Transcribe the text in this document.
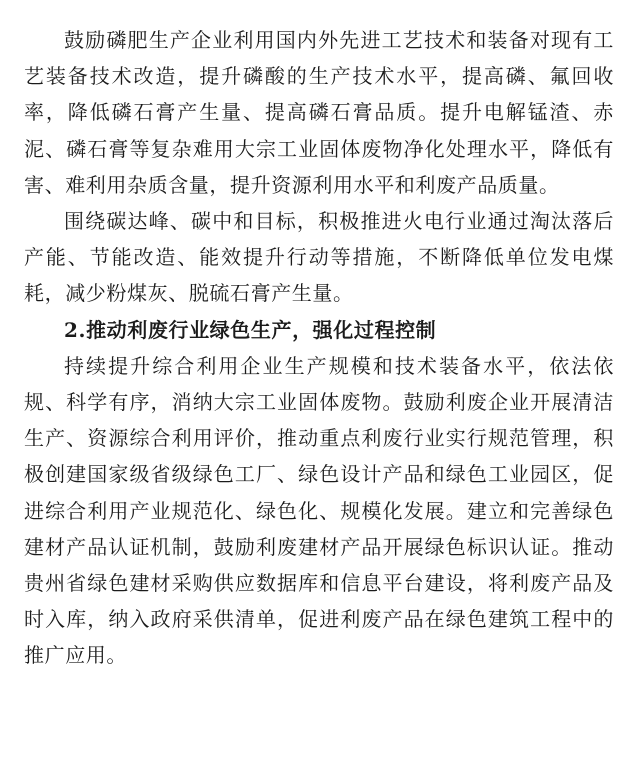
鼓励磷肥生产企业利用国内外先进工艺技术和装备对现有工艺装备技术改造，提升磷酸的生产技术水平，提高磷、氟回收率，降低磷石膏产生量、提高磷石膏品质。提升电解锰渣、赤泥、磷石膏等复杂难用大宗工业固体废物净化处理水平，降低有害、难利用杂质含量，提升资源利用水平和利废产品质量。

围绕碳达峰、碳中和目标，积极推进火电行业通过淘汰落后产能、节能改造、能效提升行动等措施，不断降低单位发电煤耗，减少粉煤灰、脱硫石膏产生量。

2.推动利废行业绿色生产，强化过程控制

持续提升综合利用企业生产规模和技术装备水平，依法依规、科学有序，消纳大宗工业固体废物。鼓励利废企业开展清洁生产、资源综合利用评价，推动重点利废行业实行规范管理，积极创建国家级省级绿色工厂、绿色设计产品和绿色工业园区，促进综合利用产业规范化、绿色化、规模化发展。建立和完善绿色建材产品认证机制，鼓励利废建材产品开展绿色标识认证。推动贵州省绿色建材采购供应数据库和信息平台建设，将利废产品及时入库，纳入政府采供清单，促进利废产品在绿色建筑工程中的推广应用。
